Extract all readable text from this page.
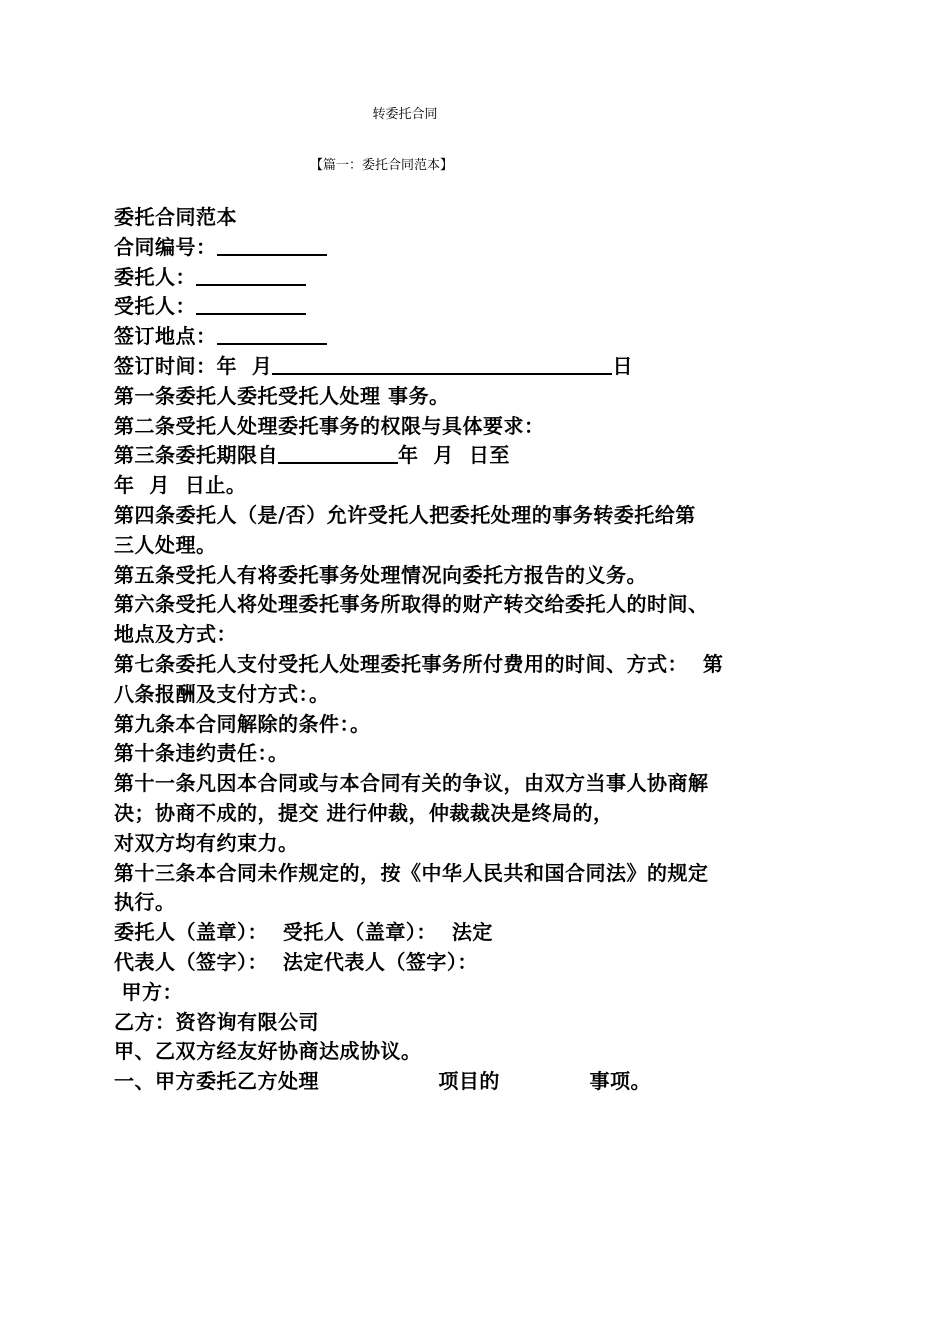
转委托合同

【篇一：委托合同范本】

委托合同范本
合同编号：
委托人：
受托人：
签订地点：
签订时间：年  月	日
第一条委托人委托受托人处理 事务。
第二条受托人处理委托事务的权限与具体要求：
第三条委托期限自	年  月  日至
年  月  日止。
第四条委托人（是/否）允许受托人把委托处理的事务转委托给第
三人处理。
第五条受托人有将委托事务处理情况向委托方报告的义务。
第六条受托人将处理委托事务所取得的财产转交给委托人的时间、
地点及方式：
第七条委托人支付受托人处理委托事务所付费用的时间、方式：  第
八条报酬及支付方式：。
第九条本合同解除的条件：。
第十条违约责任：。
第十一条凡因本合同或与本合同有关的争议，由双方当事人协商解
决；协商不成的，提交 进行仲裁，仲裁裁决是终局的，
对双方均有约束力。
第十三条本合同未作规定的，按《中华人民共和国合同法》的规定
执行。
委托人（盖章）：  受托人（盖章）：  法定
代表人（签字）：  法定代表人（签字）：
甲方：
乙方：资咨询有限公司
甲、乙双方经友好协商达成协议。
一、甲方委托乙方处理                项目的            事项。
